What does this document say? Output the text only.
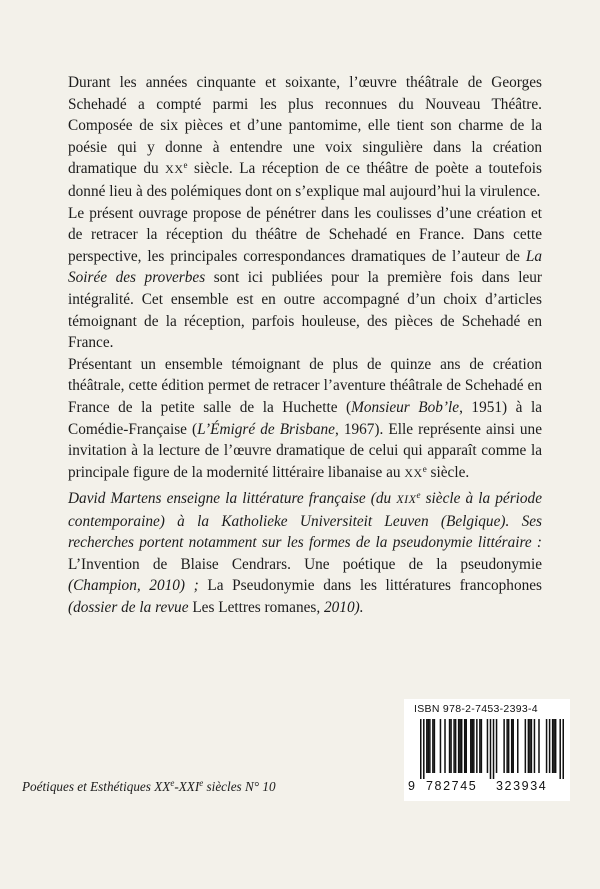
Durant les années cinquante et soixante, l’œuvre théâtrale de Georges Schehadé a compté parmi les plus reconnues du Nouveau Théâtre. Composée de six pièces et d’une pantomime, elle tient son charme de la poésie qui y donne à entendre une voix singulière dans la création dramatique du XXe siècle. La réception de ce théâtre de poète a toutefois donné lieu à des polémiques dont on s’explique mal aujourd’hui la virulence.

Le présent ouvrage propose de pénétrer dans les coulisses d’une création et de retracer la réception du théâtre de Schehadé en France. Dans cette perspective, les principales correspondances dramatiques de l’auteur de La Soirée des proverbes sont ici publiées pour la première fois dans leur intégralité. Cet ensemble est en outre accompagné d’un choix d’articles témoignant de la réception, parfois houleuse, des pièces de Schehadé en France.

Présentant un ensemble témoignant de plus de quinze ans de création théâtrale, cette édition permet de retracer l’aventure théâtrale de Schehadé en France de la petite salle de la Huchette (Monsieur Bob’le, 1951) à la Comédie-Française (L’Émigré de Brisbane, 1967). Elle représente ainsi une invitation à la lecture de l’œuvre dramatique de celui qui apparaît comme la principale figure de la modernité littéraire libanaise au XXe siècle.

David Martens enseigne la littérature française (du XIXe siècle à la période contemporaine) à la Katholieke Universiteit Leuven (Belgique). Ses recherches portent notamment sur les formes de la pseudonymie littéraire : L’Invention de Blaise Cendrars. Une poétique de la pseudonymie (Champion, 2010) ; La Pseudonymie dans les littératures francophones (dossier de la revue Les Lettres romanes, 2010).

Poétiques et Esthétiques XXe-XXIe siècles N° 10
ISBN 978-2-7453-2393-4
9 782745 323934
